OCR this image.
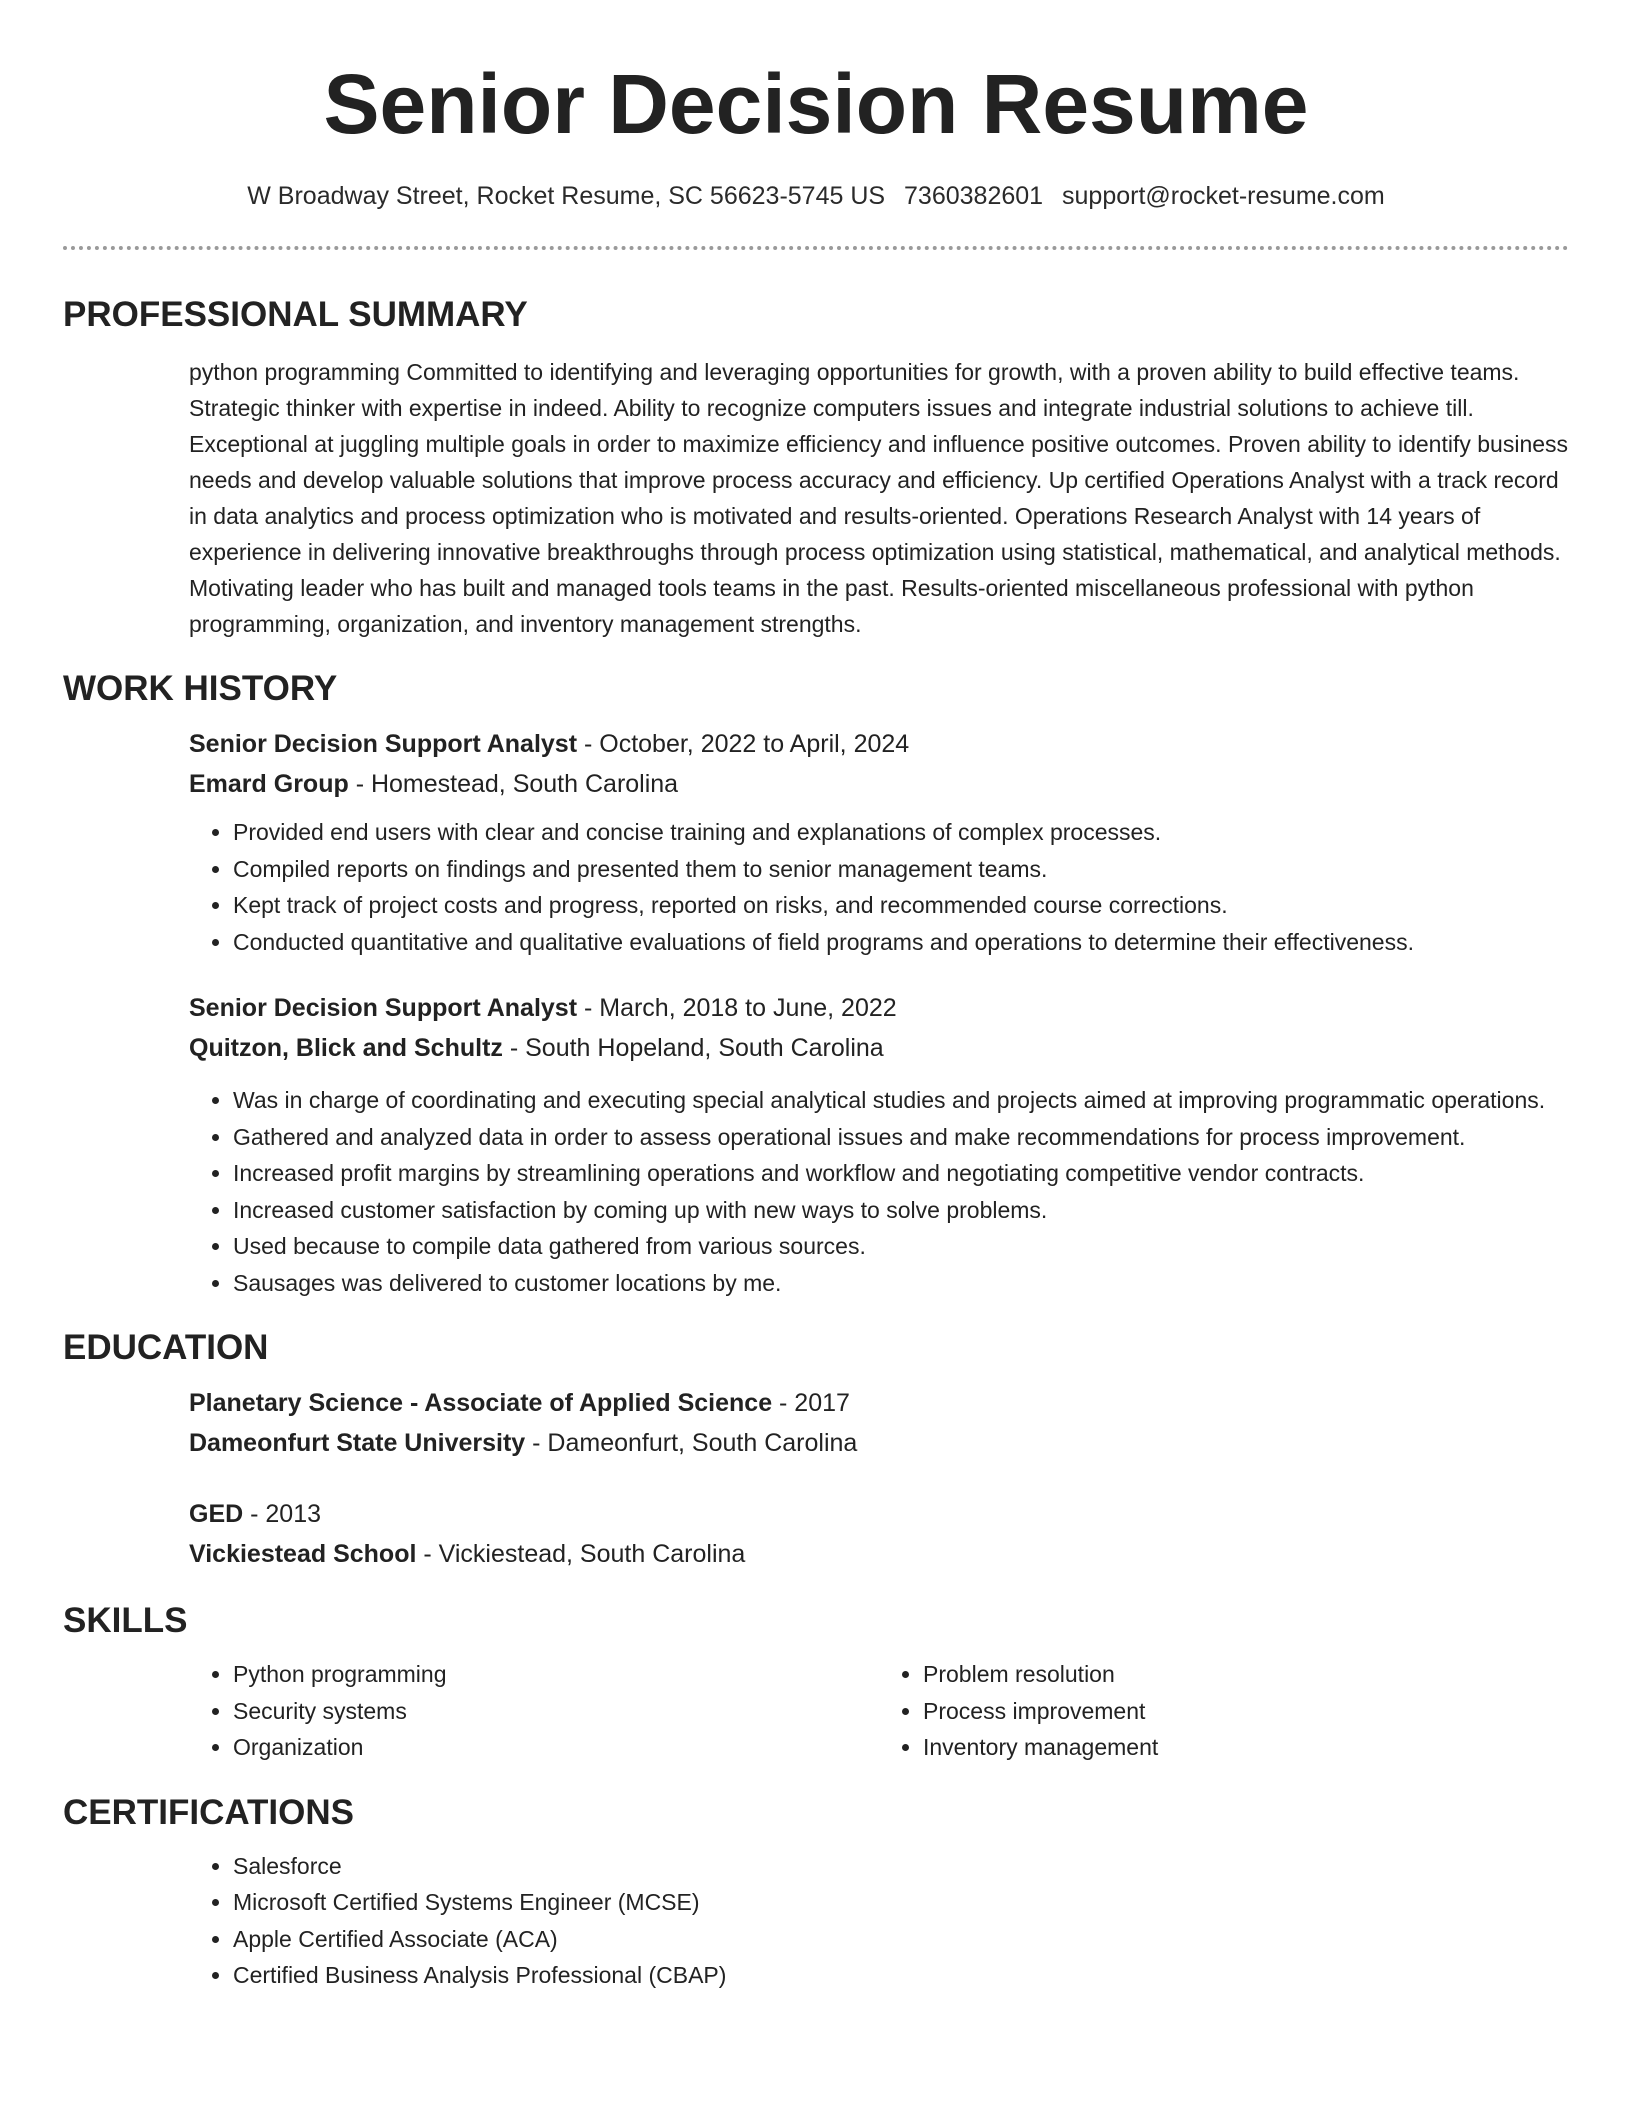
Senior Decision Resume
W Broadway Street, Rocket Resume, SC 56623-5745 US 7360382601 support@rocket-resume.com
PROFESSIONAL SUMMARY

python programming Committed to identifying and leveraging opportunities for growth, with a proven ability to build effective teams. Strategic thinker with expertise in indeed. Ability to recognize computers issues and integrate industrial solutions to achieve till. Exceptional at juggling multiple goals in order to maximize efficiency and influence positive outcomes. Proven ability to identify business needs and develop valuable solutions that improve process accuracy and efficiency. Up certified Operations Analyst with a track record in data analytics and process optimization who is motivated and results-oriented. Operations Research Analyst with 14 years of experience in delivering innovative breakthroughs through process optimization using statistical, mathematical, and analytical methods. Motivating leader who has built and managed tools teams in the past. Results-oriented miscellaneous professional with python programming, organization, and inventory management strengths.

WORK HISTORY
Senior Decision Support Analyst - October, 2022 to April, 2024
Emard Group - Homestead, South Carolina
• Provided end users with clear and concise training and explanations of complex processes.
• Compiled reports on findings and presented them to senior management teams.
• Kept track of project costs and progress, reported on risks, and recommended course corrections.
• Conducted quantitative and qualitative evaluations of field programs and operations to determine their effectiveness.
Senior Decision Support Analyst - March, 2018 to June, 2022
Quitzon, Blick and Schultz - South Hopeland, South Carolina
• Was in charge of coordinating and executing special analytical studies and projects aimed at improving programmatic operations.
• Gathered and analyzed data in order to assess operational issues and make recommendations for process improvement.
• Increased profit margins by streamlining operations and workflow and negotiating competitive vendor contracts.
• Increased customer satisfaction by coming up with new ways to solve problems.
• Used because to compile data gathered from various sources.
• Sausages was delivered to customer locations by me.
EDUCATION
Planetary Science - Associate of Applied Science - 2017
Dameonfurt State University - Dameonfurt, South Carolina
GED - 2013
Vickiestead School - Vickiestead, South Carolina
SKILLS
• Python programming
• Security systems
• Organization
• Problem resolution
• Process improvement
• Inventory management
CERTIFICATIONS
• Salesforce
• Microsoft Certified Systems Engineer (MCSE)
• Apple Certified Associate (ACA)
• Certified Business Analysis Professional (CBAP)
